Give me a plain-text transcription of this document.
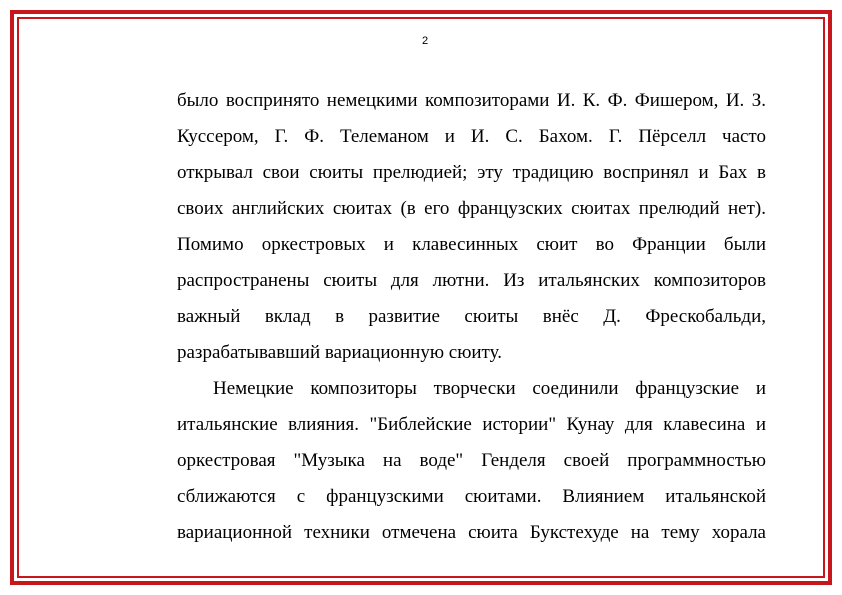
2
было воспринято немецкими композиторами И. К. Ф. Фишером, И. З.
Куссером, Г. Ф. Телеманом и И. С. Бахом. Г. Пёрселл часто
открывал свои сюиты прелюдией; эту традицию воспринял и Бах в
своих английских сюитах (в его французских сюитах прелюдий нет).
Помимо оркестровых и клавесинных сюит во Франции были
распространены сюиты для лютни. Из итальянских композиторов
важный вклад в развитие сюиты внёс Д. Фрескобальди,
разрабатывавший вариационную сюиту.
Немецкие композиторы творчески соединили французские и
итальянские влияния. "Библейские истории" Кунау для клавесина и
оркестровая "Музыка на воде" Генделя своей программностью
сближаются с французскими сюитами. Влиянием итальянской
вариационной техники отмечена сюита Букстехуде на тему хорала
